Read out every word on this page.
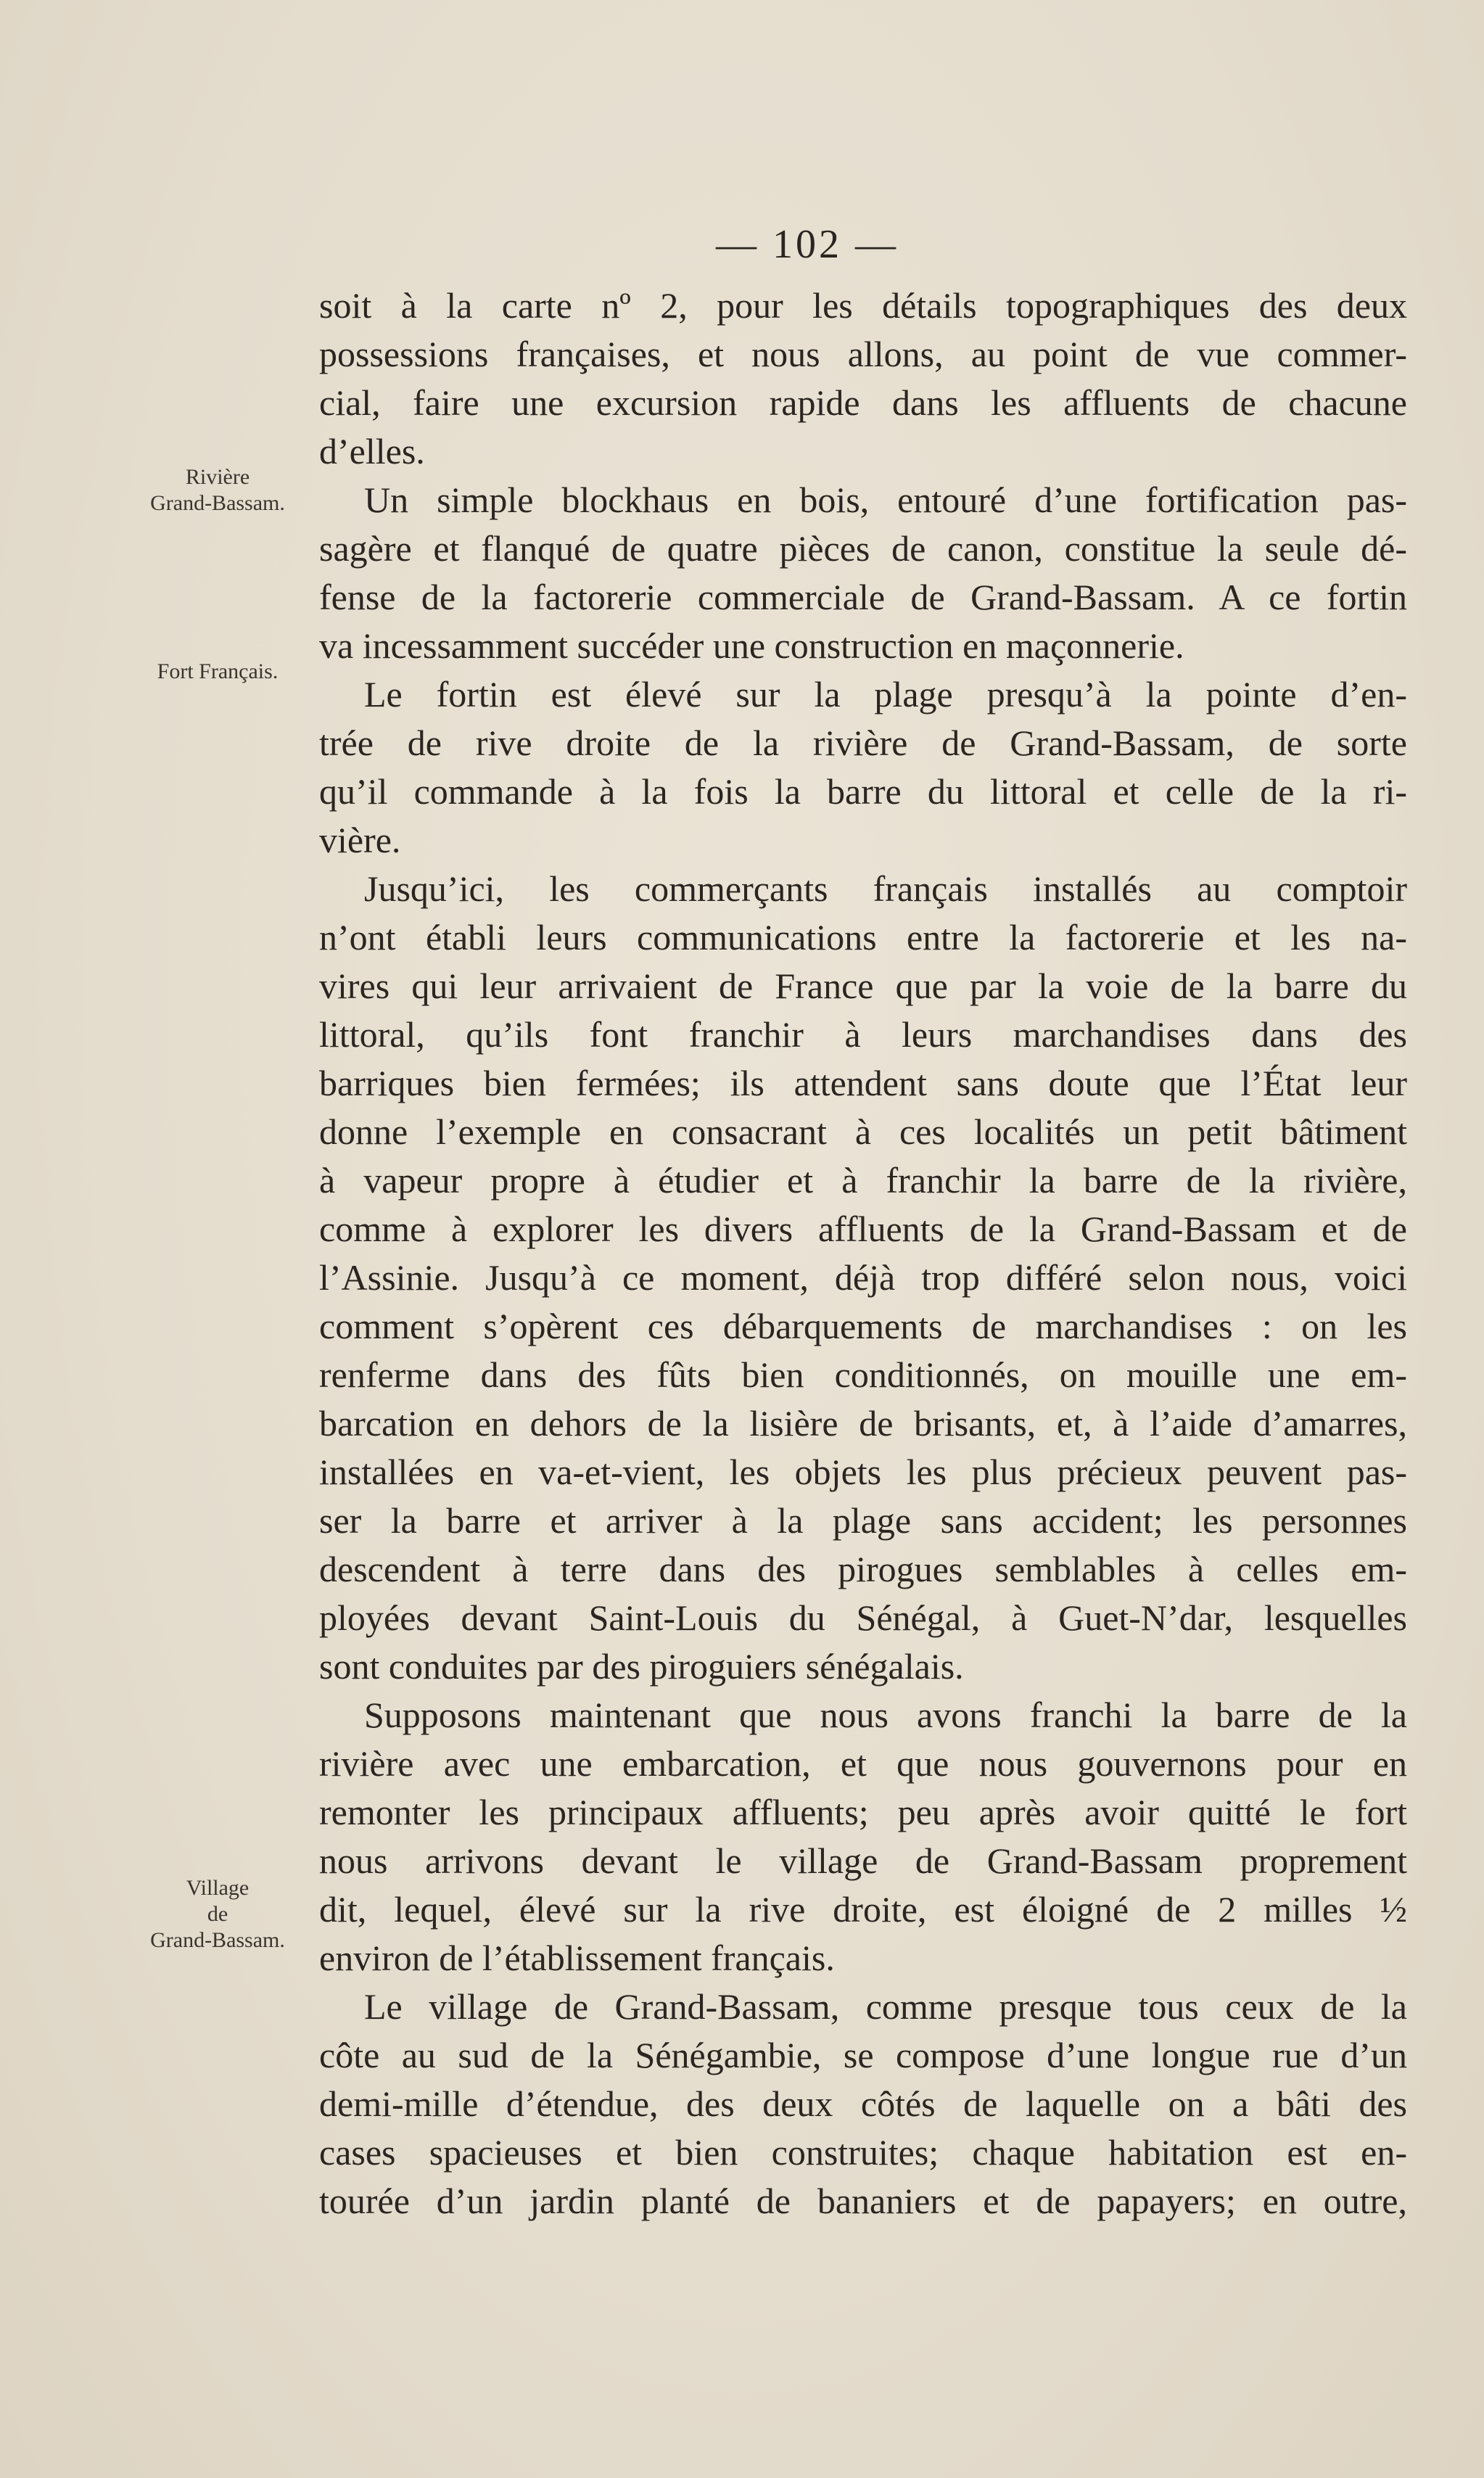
— 102 —
Rivière
Grand-Bassam.
Fort Français.
Village
de
Grand-Bassam.
soit à la carte nº 2, pour les détails topographiques des deux
possessions françaises, et nous allons, au point de vue commer-
cial, faire une excursion rapide dans les affluents de chacune
d’elles.
Un simple blockhaus en bois, entouré d’une fortification pas-
sagère et flanqué de quatre pièces de canon, constitue la seule dé-
fense de la factorerie commerciale de Grand-Bassam. A ce fortin
va incessamment succéder une construction en maçonnerie.
Le fortin est élevé sur la plage presqu’à la pointe d’en-
trée de rive droite de la rivière de Grand-Bassam, de sorte
qu’il commande à la fois la barre du littoral et celle de la ri-
vière.
Jusqu’ici, les commerçants français installés au comptoir
n’ont établi leurs communications entre la factorerie et les na-
vires qui leur arrivaient de France que par la voie de la barre du
littoral, qu’ils font franchir à leurs marchandises dans des
barriques bien fermées; ils attendent sans doute que l’État leur
donne l’exemple en consacrant à ces localités un petit bâtiment
à vapeur propre à étudier et à franchir la barre de la rivière,
comme à explorer les divers affluents de la Grand-Bassam et de
l’Assinie. Jusqu’à ce moment, déjà trop différé selon nous, voici
comment s’opèrent ces débarquements de marchandises : on les
renferme dans des fûts bien conditionnés, on mouille une em-
barcation en dehors de la lisière de brisants, et, à l’aide d’amarres,
installées en va-et-vient, les objets les plus précieux peuvent pas-
ser la barre et arriver à la plage sans accident; les personnes
descendent à terre dans des pirogues semblables à celles em-
ployées devant Saint-Louis du Sénégal, à Guet-N’dar, lesquelles
sont conduites par des piroguiers sénégalais.
Supposons maintenant que nous avons franchi la barre de la
rivière avec une embarcation, et que nous gouvernons pour en
remonter les principaux affluents; peu après avoir quitté le fort
nous arrivons devant le village de Grand-Bassam proprement
dit, lequel, élevé sur la rive droite, est éloigné de 2 milles ½
environ de l’établissement français.
Le village de Grand-Bassam, comme presque tous ceux de la
côte au sud de la Sénégambie, se compose d’une longue rue d’un
demi-mille d’étendue, des deux côtés de laquelle on a bâti des
cases spacieuses et bien construites; chaque habitation est en-
tourée d’un jardin planté de bananiers et de papayers; en outre,
